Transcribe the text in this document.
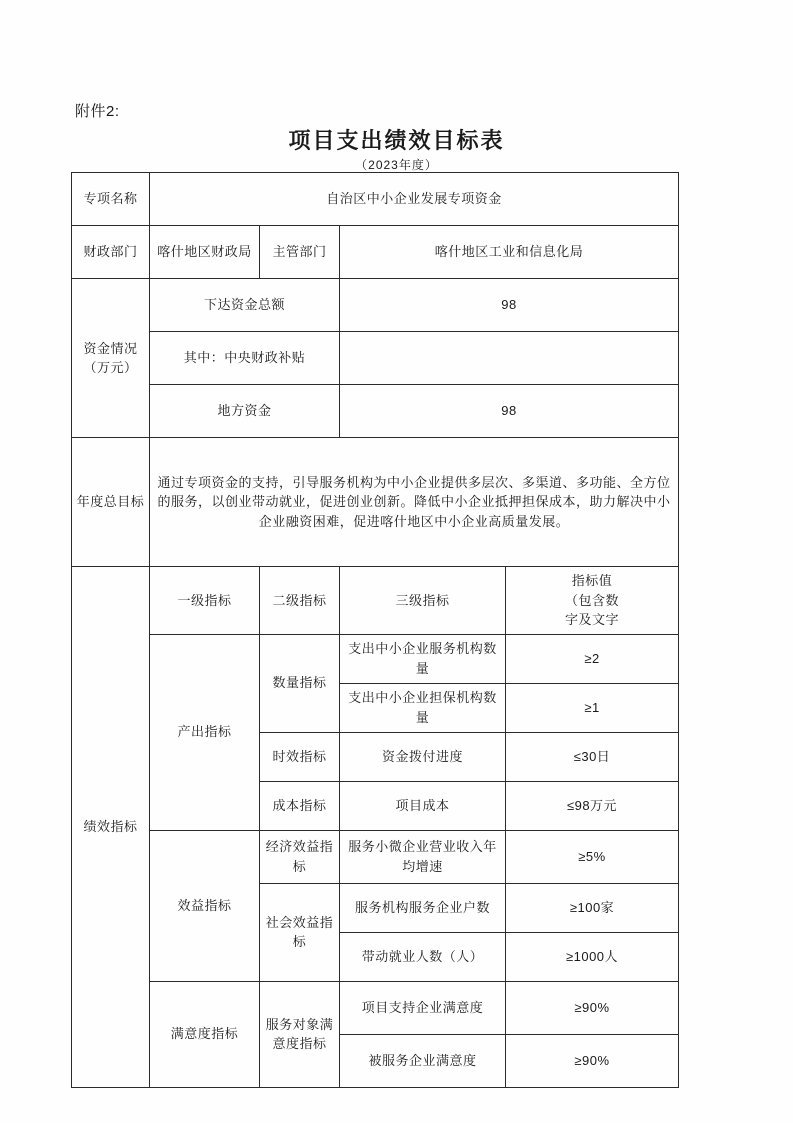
附件2:
项目支出绩效目标表
（2023年度）
专项名称	自治区中小企业发展专项资金			
财政部门	喀什地区财政局	主管部门	喀什地区工业和信息化局	

资金情况
（万元）	下达资金总额		98	
	其中：中央财政补贴			
	地方资金		98	
年度总目标	通过专项资金的支持，引导服务机构为中小企业提供多层次、多渠道、多功能、全方位的服务，以创业带动就业，促进创业创新。降低中小企业抵押担保成本，助力解决中小企业融资困难，促进喀什地区中小企业高质量发展。			
绩效指标	一级指标	二级指标	三级指标	指标值
（包含数
字及文字

	产出指标	数量指标	支出中小企业服务机构数量	≥2
			支出中小企业担保机构数量	≥1
		时效指标	资金拨付进度	≤30日
		成本指标	项目成本	≤98万元
	效益指标	经济效益指标	服务小微企业营业收入年均增速	≥5%
		社会效益指标	服务机构服务企业户数	≥100家
			带动就业人数（人）	≥1000人
	满意度指标	服务对象满意度指标	项目支持企业满意度	≥90%
			被服务企业满意度	≥90%
